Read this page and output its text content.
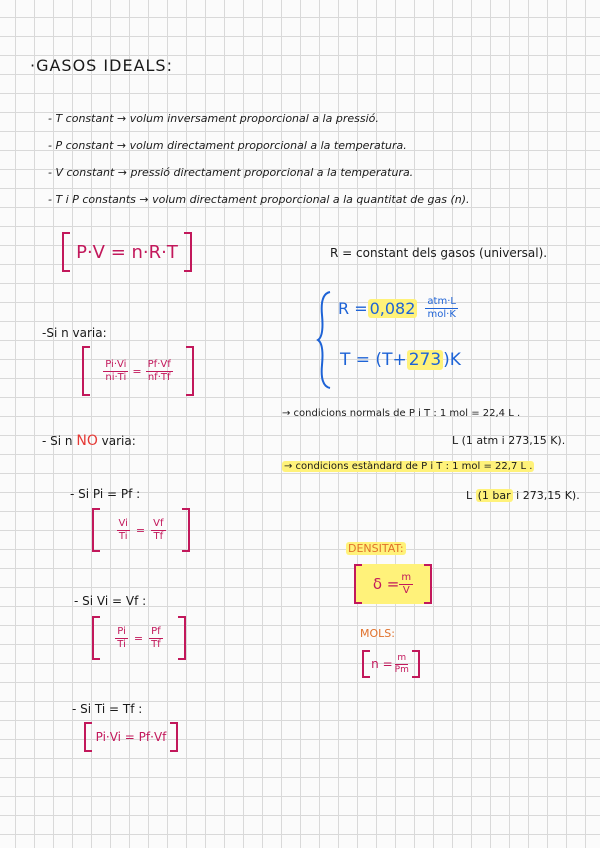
·GASOS IDEALS:
- T constant → volum inversament proporcional a la pressió.
- P constant → volum directament proporcional a la temperatura.
- V constant → pressió directament proporcional a la temperatura.
- T i P constants → volum directament proporcional a la quantitat de gas (n).
P·V = n·R·T	R = constant dels gasos (universal).
$R = 0,082 \frac{\text{atm·L}}{\text{mol·K}}$
T = (T+ 273 )K
-Si n varia:
$\frac{Pi\cdot Vi}{ni\cdot Ti} = \frac{Pf\cdot Vf}{nf\cdot Tf}$
- Si n NO varia:
- Si Pi = Pf :
$\frac{Vi}{Ti} = \frac{Vf}{Tf}$
- Si Vi = Vf :
$\frac{Pi}{Ti} = \frac{Pf}{Tf}$
- Si Ti = Tf :
Pi·Vi = Pf·Vf
→ condicions normals de P i T : 1 mol = 22,4 L .
L (1 atm i 273,15 K).
→ condicions estàndard de P i T : 1 mol = 22,7 L .
L (1 bar i 273,15 K).
DENSITAT:
$\delta = \frac{m}{V}$
MOLS:
$n = \frac{m}{Pm}$
